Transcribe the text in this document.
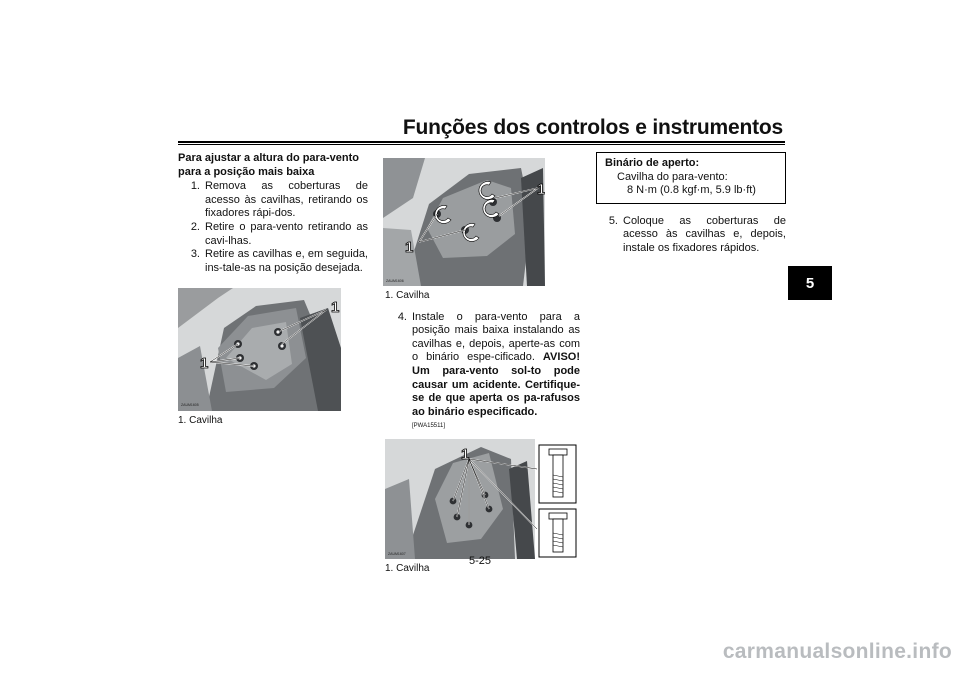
Funções dos controlos e instrumentos
5
Para ajustar a altura do para-vento para a posição mais baixa
1. Remova as coberturas de acesso às cavilhas, retirando os fixadores rápi-dos.
2. Retire o para-vento retirando as cavi-lhas.
3. Retire as cavilhas e, em seguida, ins-tale-as na posição desejada.
1
1
ZAUM1605
1. Cavilha
1
1
ZAUM1606
1. Cavilha
4. Instale o para-vento para a posição mais baixa instalando as cavilhas e, depois, aperte-as com o binário espe-cificado. AVISO! Um para-vento sol-to pode causar um acidente. Certifique-se de que aperta os pa-rafusos ao binário especificado.
[PWA15511]
1
ZAUM1607
1. Cavilha
Binário de aperto:
Cavilha do para-vento:
8 N·m (0.8 kgf·m, 5.9 lb·ft)
5. Coloque as coberturas de acesso às cavilhas e, depois, instale os fixadores rápidos.
5-25
carmanualsonline.info
